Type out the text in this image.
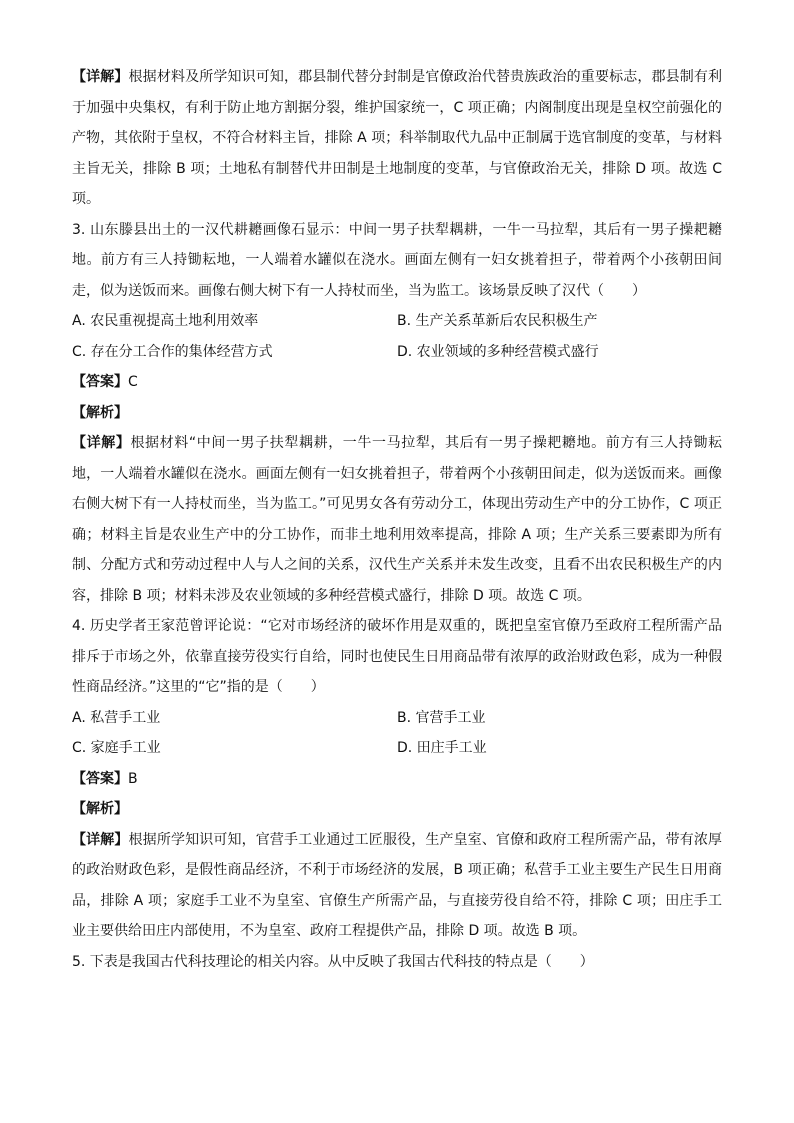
【详解】根据材料及所学知识可知，郡县制代替分封制是官僚政治代替贵族政治的重要标志，郡县制有利于加强中央集权，有利于防止地方割据分裂，维护国家统一，C 项正确；内阁制度出现是皇权空前强化的产物，其依附于皇权，不符合材料主旨，排除 A 项；科举制取代九品中正制属于选官制度的变革，与材料主旨无关，排除 B 项；土地私有制替代井田制是土地制度的变革，与官僚政治无关，排除 D 项。故选 C 项。

3. 山东滕县出土的一汉代耕耱画像石显示：中间一男子扶犁耦耕，一牛一马拉犁，其后有一男子操耙耱地。前方有三人持锄耘地，一人端着水罐似在浇水。画面左侧有一妇女挑着担子，带着两个小孩朝田间走，似为送饭而来。画像右侧大树下有一人持杖而坐，当为监工。该场景反映了汉代（　　）

A. 农民重视提高土地利用效率	B. 生产关系革新后农民积极生产
C. 存在分工合作的集体经营方式	D. 农业领域的多种经营模式盛行

【答案】C

【解析】

【详解】根据材料“中间一男子扶犁耦耕，一牛一马拉犁，其后有一男子操耙耱地。前方有三人持锄耘地，一人端着水罐似在浇水。画面左侧有一妇女挑着担子，带着两个小孩朝田间走，似为送饭而来。画像右侧大树下有一人持杖而坐，当为监工。”可见男女各有劳动分工，体现出劳动生产中的分工协作，C 项正确；材料主旨是农业生产中的分工协作，而非土地利用效率提高，排除 A 项；生产关系三要素即为所有制、分配方式和劳动过程中人与人之间的关系，汉代生产关系并未发生改变，且看不出农民积极生产的内容，排除 B 项；材料未涉及农业领域的多种经营模式盛行，排除 D 项。故选 C 项。

4. 历史学者王家范曾评论说：“它对市场经济的破坏作用是双重的，既把皇室官僚乃至政府工程所需产品排斥于市场之外，依靠直接劳役实行自给，同时也使民生日用商品带有浓厚的政治财政色彩，成为一种假性商品经济。”这里的“它”指的是（　　）

A. 私营手工业	B. 官营手工业
C. 家庭手工业	D. 田庄手工业

【答案】B

【解析】

【详解】根据所学知识可知，官营手工业通过工匠服役，生产皇室、官僚和政府工程所需产品，带有浓厚的政治财政色彩，是假性商品经济，不利于市场经济的发展，B 项正确；私营手工业主要生产民生日用商品，排除 A 项；家庭手工业不为皇室、官僚生产所需产品，与直接劳役自给不符，排除 C 项；田庄手工业主要供给田庄内部使用，不为皇室、政府工程提供产品，排除 D 项。故选 B 项。

5. 下表是我国古代科技理论的相关内容。从中反映了我国古代科技的特点是（　　）
